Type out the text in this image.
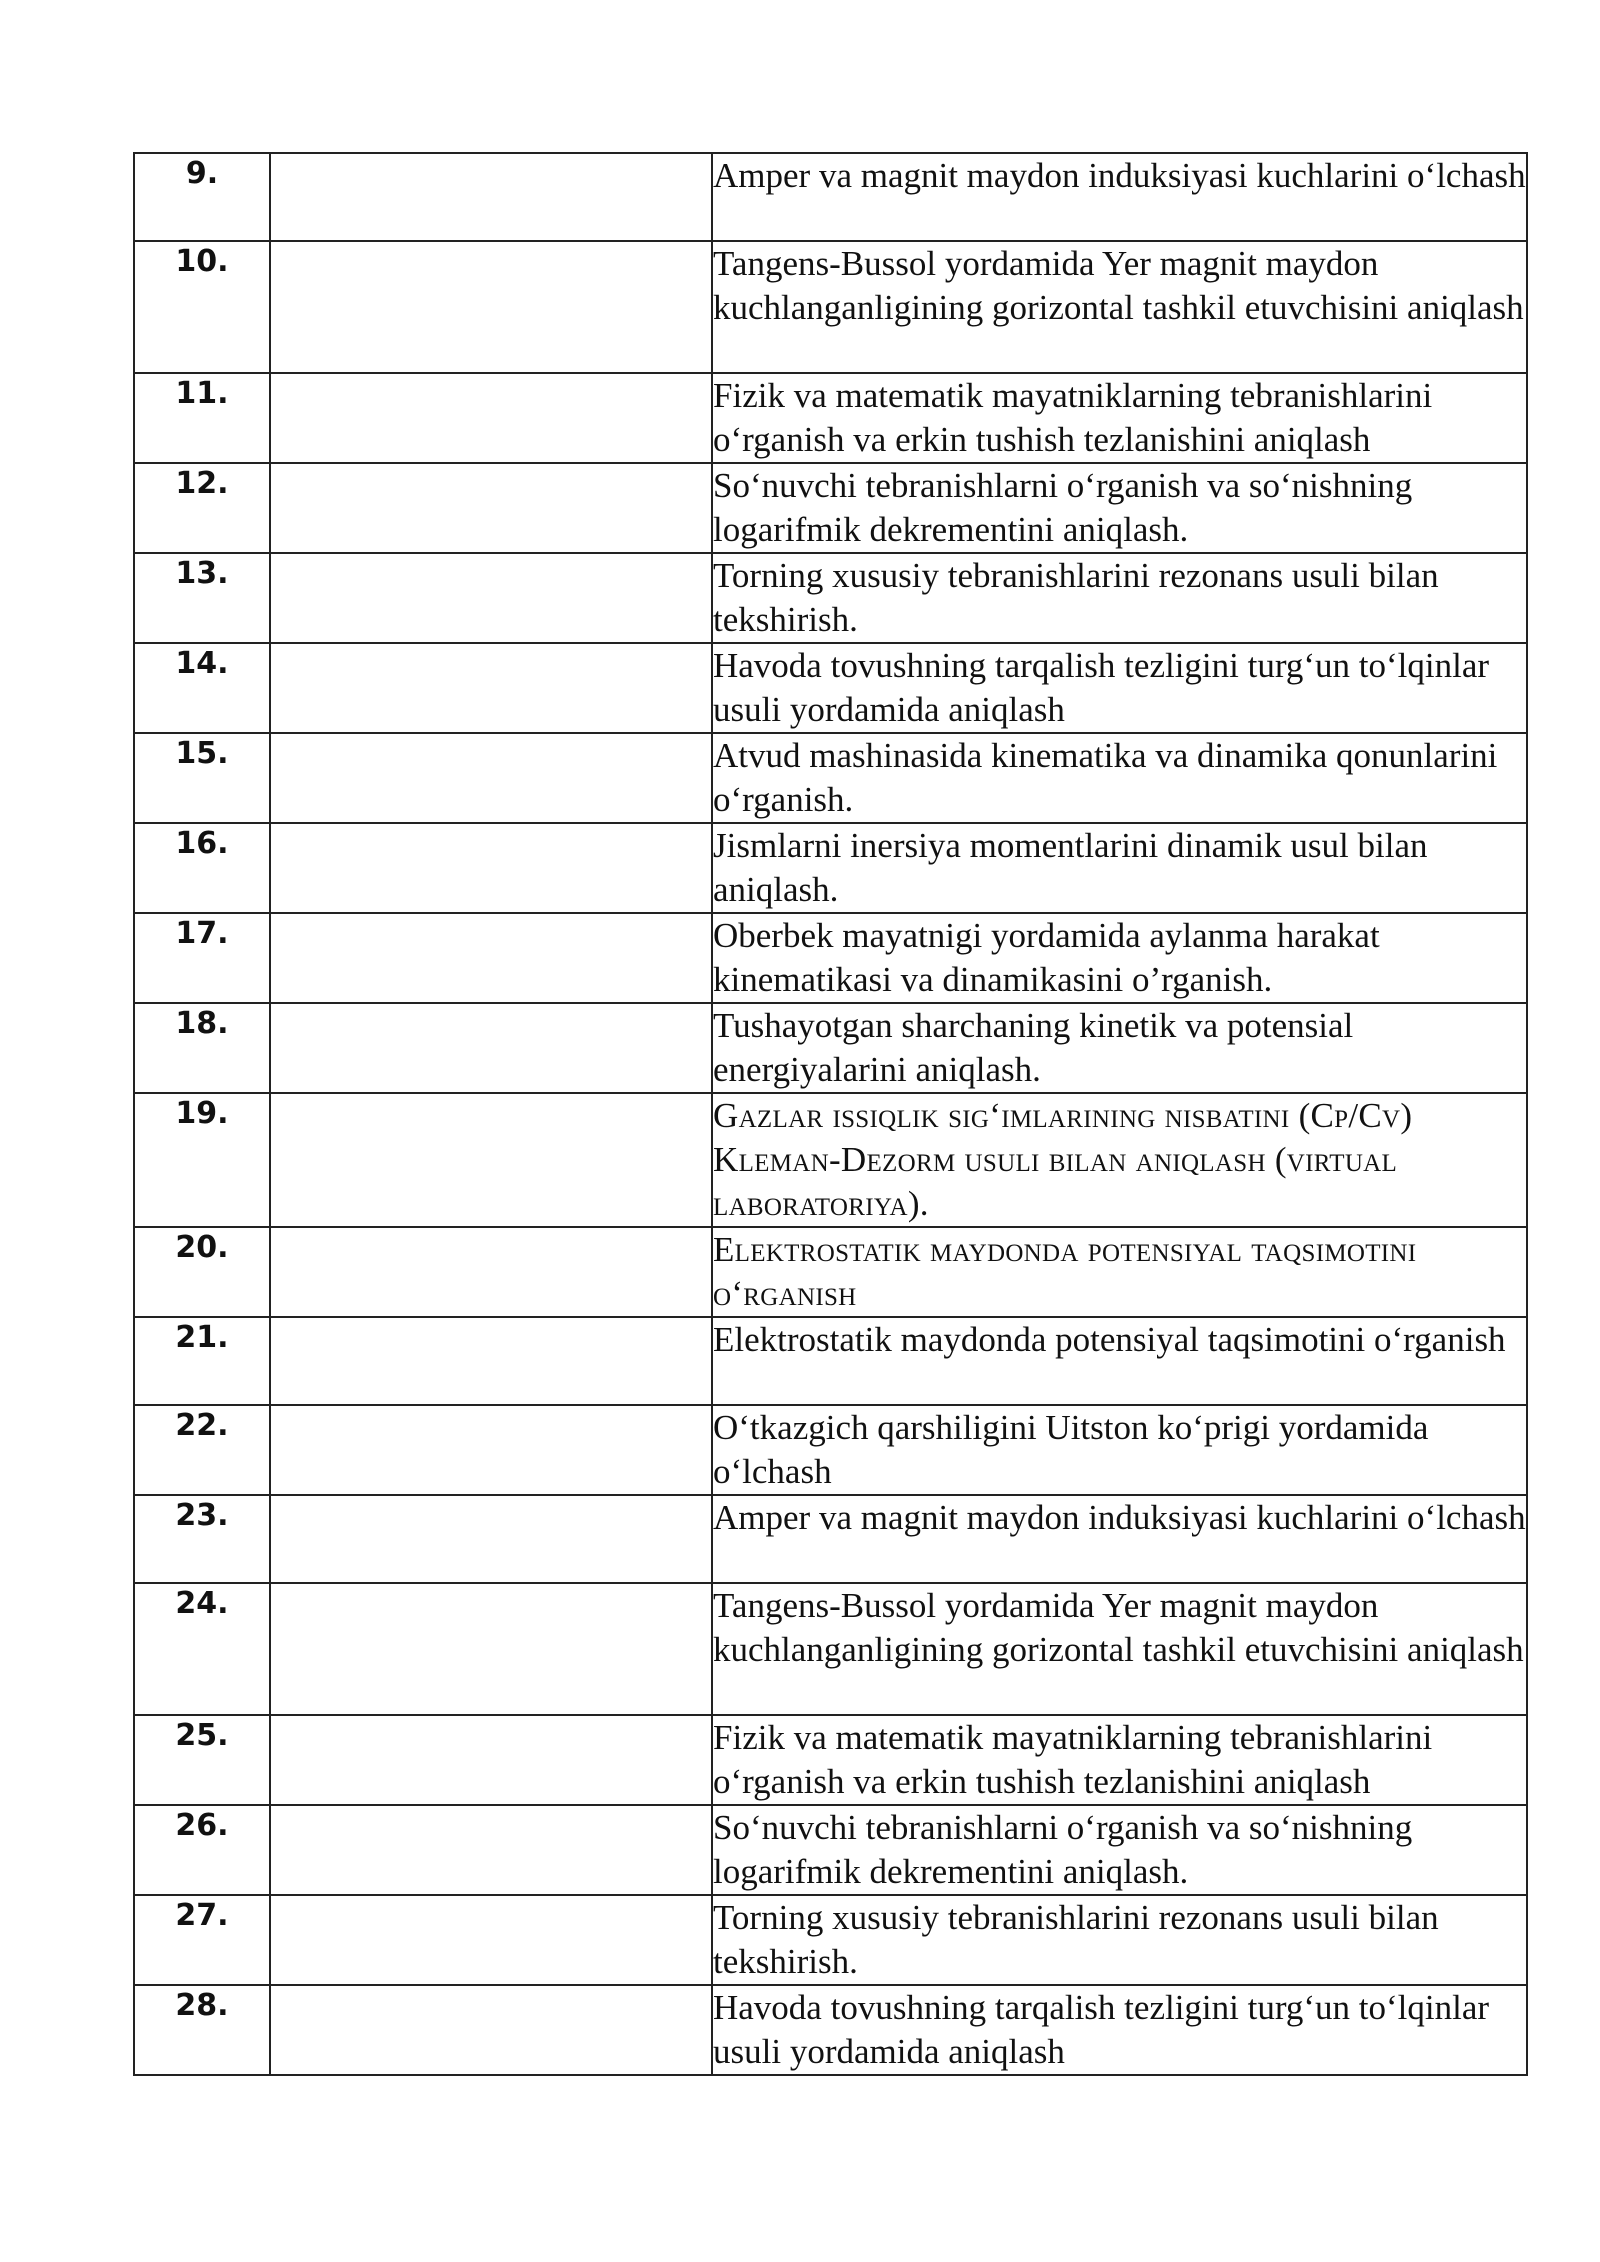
9.		Amper va magnit maydon induksiyasi kuchlarini o‘lchash
10.		Tangens-Bussol yordamida Yer magnit maydon kuchlanganligining gorizontal tashkil etuvchisini aniqlash
11.		Fizik va matematik mayatniklarning tebranishlarini o‘rganish va erkin tushish tezlanishini aniqlash
12.		So‘nuvchi tebranishlarni o‘rganish va so‘nishning logarifmik dekrementini aniqlash.
13.		Torning xususiy tebranishlarini rezonans usuli bilan tekshirish.
14.		Havoda tovushning tarqalish tezligini turg‘un to‘lqinlar usuli yordamida aniqlash
15.		Atvud mashinasida kinematika va dinamika qonunlarini o‘rganish.
16.		Jismlarni inersiya momentlarini dinamik usul bilan aniqlash.
17.		Oberbek mayatnigi yordamida aylanma harakat kinematikasi va dinamikasini o’rganish.
18.		Tushayotgan sharchaning kinetik va potensial energiyalarini aniqlash.
19.		Gazlar issiqlik sig‘imlarining nisbatini (Cp/Cv) Kleman-Dezorm usuli bilan aniqlash (virtual laboratoriya).
20.		Elektrostatik maydonda potensiyal taqsimotini o‘rganish
21.		Elektrostatik maydonda potensiyal taqsimotini o‘rganish
22.		O‘tkazgich qarshiligini Uitston ko‘prigi yordamida o‘lchash
23.		Amper va magnit maydon induksiyasi kuchlarini o‘lchash
24.		Tangens-Bussol yordamida Yer magnit maydon kuchlanganligining gorizontal tashkil etuvchisini aniqlash
25.		Fizik va matematik mayatniklarning tebranishlarini o‘rganish va erkin tushish tezlanishini aniqlash
26.		So‘nuvchi tebranishlarni o‘rganish va so‘nishning logarifmik dekrementini aniqlash.
27.		Torning xususiy tebranishlarini rezonans usuli bilan tekshirish.
28.		Havoda tovushning tarqalish tezligini turg‘un to‘lqinlar usuli yordamida aniqlash
